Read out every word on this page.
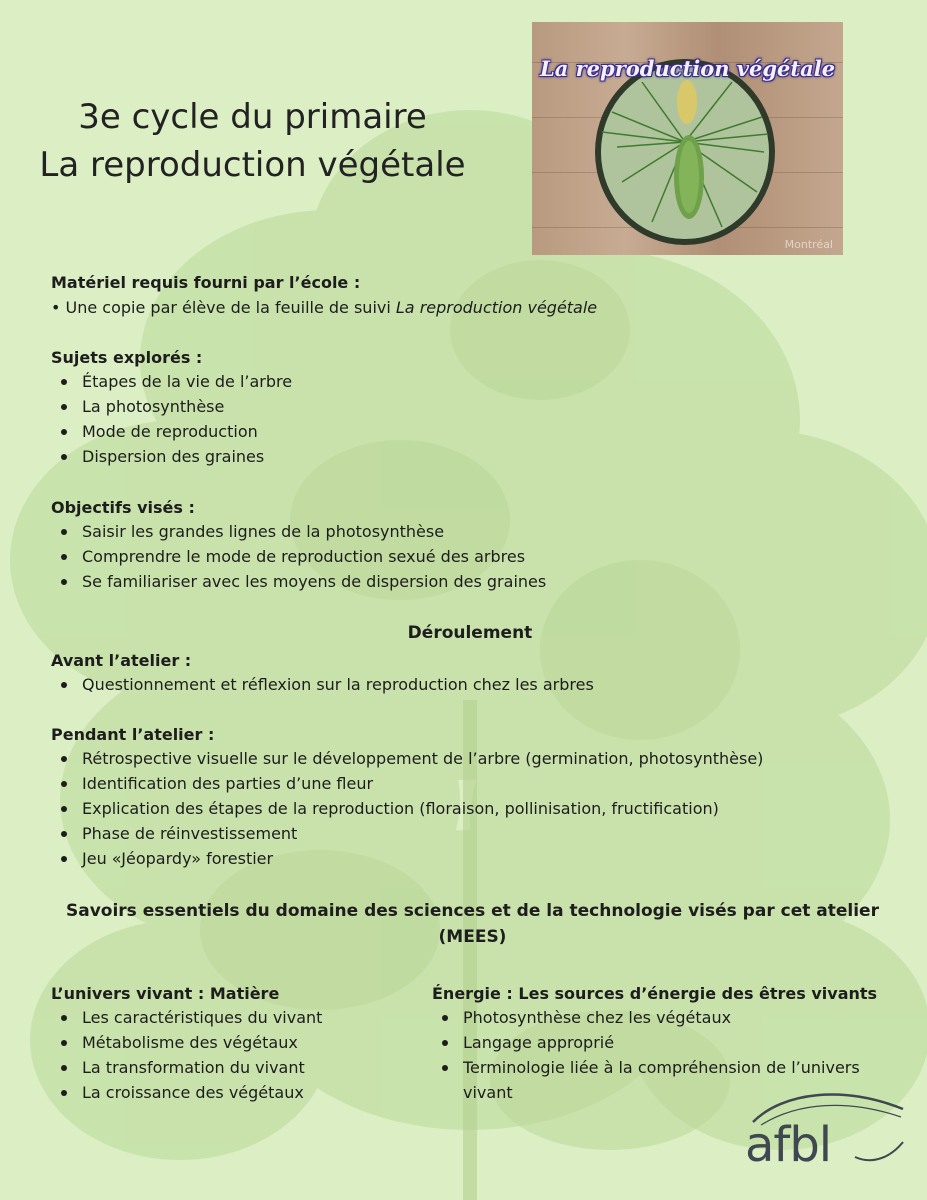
3e cycle du primaire
La reproduction végétale
La reproduction végétale
Montréal
Matériel requis fourni par l’école :
• Une copie par élève de la feuille de suivi La reproduction végétale
Sujets explorés :
Étapes de la vie de l’arbre
La photosynthèse
Mode de reproduction
Dispersion des graines
Objectifs visés :
Saisir les grandes lignes de la photosynthèse
Comprendre le mode de reproduction sexué des arbres
Se familiariser avec les moyens de dispersion des graines
Déroulement
Avant l’atelier :
Questionnement et réflexion sur la reproduction chez les arbres
Pendant l’atelier :
Rétrospective visuelle sur le développement de l’arbre (germination, photosynthèse)
Identification des parties d’une fleur
Explication des étapes de la reproduction (floraison, pollinisation, fructification)
Phase de réinvestissement
Jeu «Jéopardy» forestier
Savoirs essentiels du domaine des sciences et de la technologie visés par cet atelier
(MEES)
L’univers vivant : Matière
Les caractéristiques du vivant
Métabolisme des végétaux
La transformation du vivant
La croissance des végétaux
Énergie : Les sources d’énergie des êtres vivants
Photosynthèse chez les végétaux
Langage approprié
Terminologie liée à la compréhension de l’univers vivant
afbl
